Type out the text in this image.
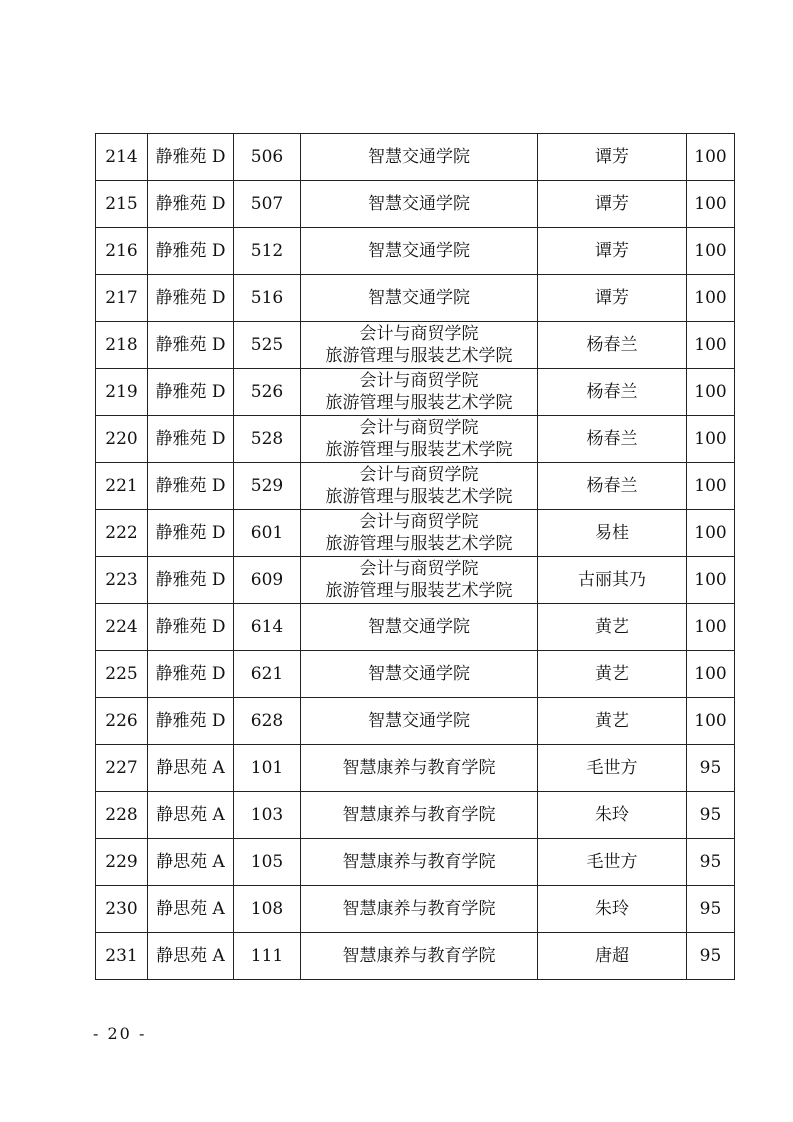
214	静雅苑 D	506	智慧交通学院	谭芳	100
215	静雅苑 D	507	智慧交通学院	谭芳	100
216	静雅苑 D	512	智慧交通学院	谭芳	100
217	静雅苑 D	516	智慧交通学院	谭芳	100
218	静雅苑 D	525	会计与商贸学院
旅游管理与服装艺术学院	杨春兰	100
219	静雅苑 D	526	会计与商贸学院
旅游管理与服装艺术学院	杨春兰	100
220	静雅苑 D	528	会计与商贸学院
旅游管理与服装艺术学院	杨春兰	100
221	静雅苑 D	529	会计与商贸学院
旅游管理与服装艺术学院	杨春兰	100
222	静雅苑 D	601	会计与商贸学院
旅游管理与服装艺术学院	易桂	100
223	静雅苑 D	609	会计与商贸学院
旅游管理与服装艺术学院	古丽其乃	100
224	静雅苑 D	614	智慧交通学院	黄艺	100
225	静雅苑 D	621	智慧交通学院	黄艺	100
226	静雅苑 D	628	智慧交通学院	黄艺	100
227	静思苑 A	101	智慧康养与教育学院	毛世方	95
228	静思苑 A	103	智慧康养与教育学院	朱玲	95
229	静思苑 A	105	智慧康养与教育学院	毛世方	95
230	静思苑 A	108	智慧康养与教育学院	朱玲	95
231	静思苑 A	111	智慧康养与教育学院	唐超	95
- 20 -
